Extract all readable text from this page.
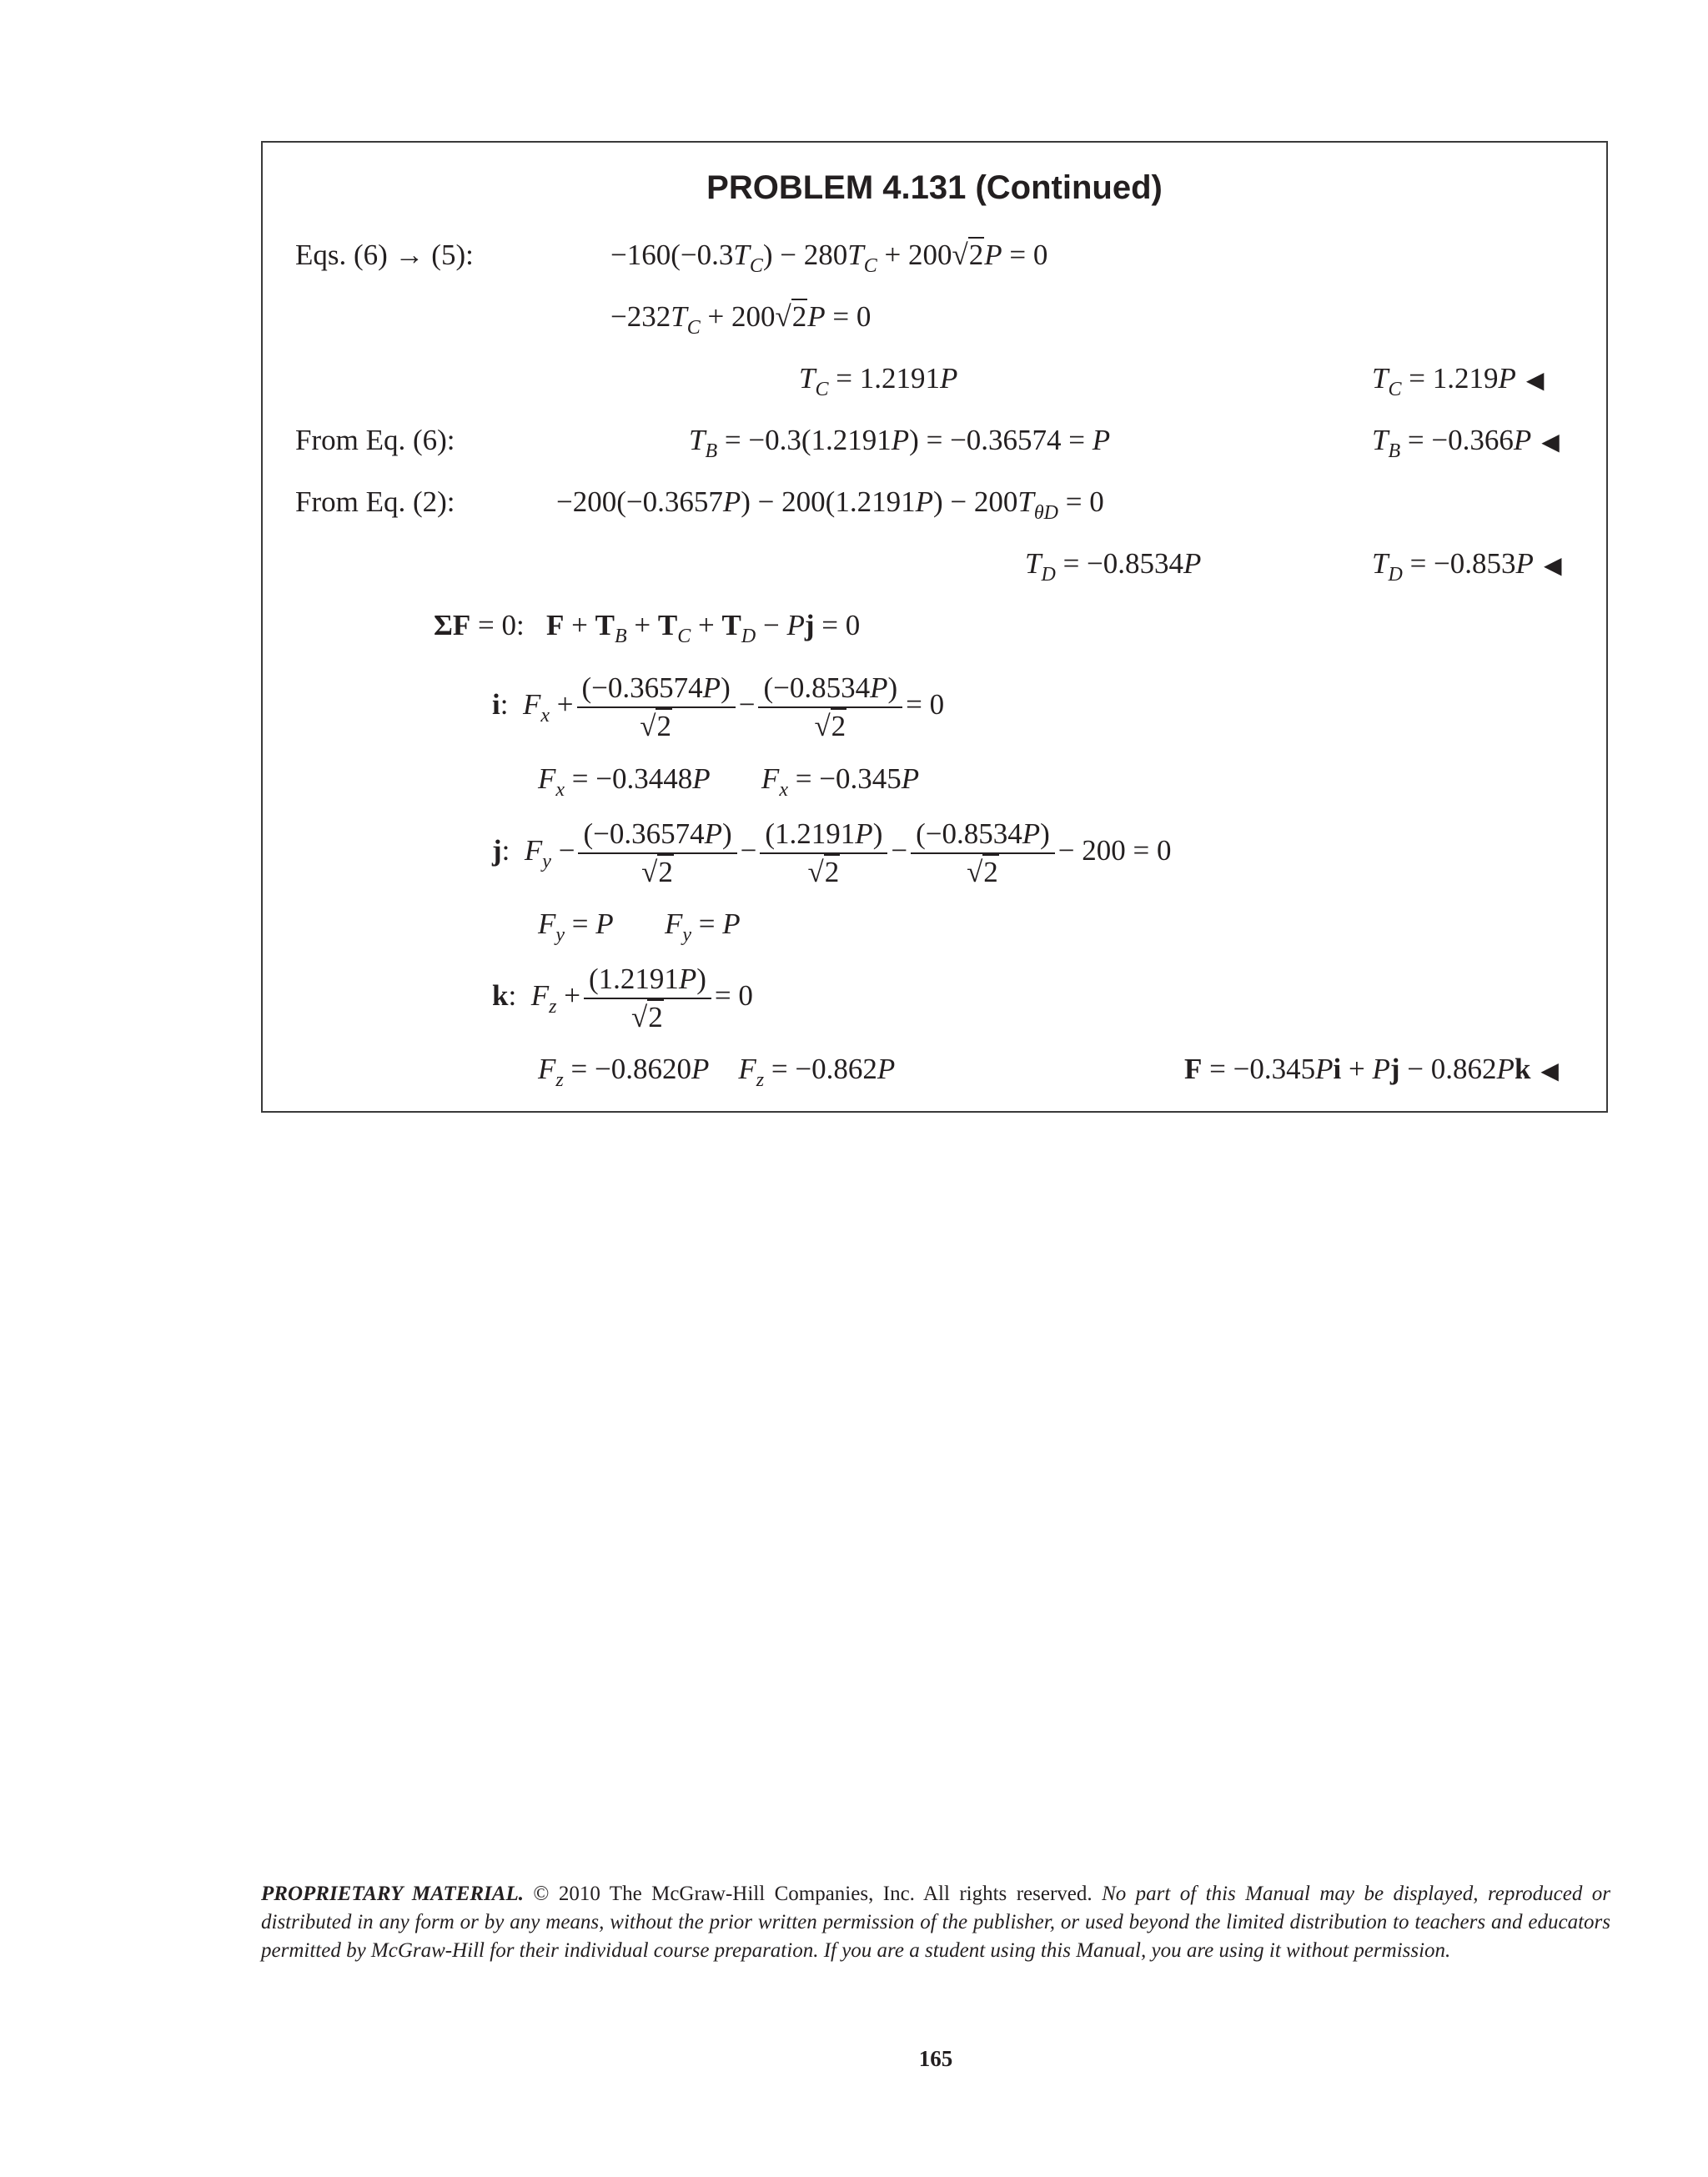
PROBLEM 4.131 (Continued)
Eqs. (6) → (5):	$-160(-0.3T_C) - 280T_C + 200√2P = 0$
$-232T_C + 200√2P = 0$
$T_C = 1.2191P$	$T_C = 1.219P$ ◀
From Eq. (6):	$T_B = -0.3(1.2191P) = -0.36574 = P$	$T_B = -0.366P$ ◀
From Eq. (2):	$-200(-0.3657P) - 200(1.2191P) - 200T_{\theta D} = 0$
$T_D = -0.8534P$	$T_D = -0.853P$ ◀
ΣF = 0:   $F + T_B + T_C + T_D - Pj = 0$
i:  $F_x + \frac{(-0.36574P)}{√2} - \frac{(-0.8534P)}{√2} = 0$
$F_x = -0.3448P$ $F_x = -0.345P$
j:  $F_y - \frac{(-0.36574P)}{√2} - \frac{(1.2191P)}{√2} - \frac{(-0.8534P)}{√2} - 200 = 0$
$F_y = P$ $F_y = P$
k:  $F_z + \frac{(1.2191P)}{√2} = 0$
$F_z = -0.8620P$ $F_z = -0.862P$	F = −0.345Pi + Pj − 0.862Pk ◀
PROPRIETARY MATERIAL. © 2010 The McGraw-Hill Companies, Inc. All rights reserved. No part of this Manual may be displayed, reproduced or distributed in any form or by any means, without the prior written permission of the publisher, or used beyond the limited distribution to teachers and educators permitted by McGraw-Hill for their individual course preparation. If you are a student using this Manual, you are using it without permission.
165
